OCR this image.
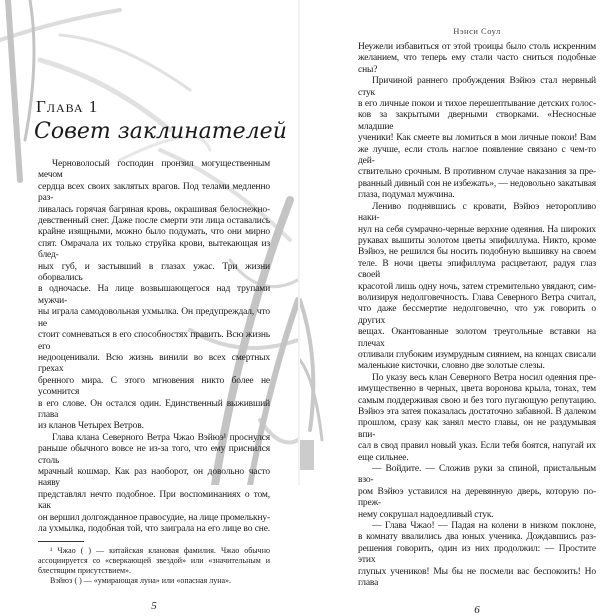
Глава 1
Совет заклинателей
Черноволосый господин пронзил могущественным мечом
сердца всех своих заклятых врагов. Под телами медленно раз-
ливалась горячая багряная кровь, окрашивая белоснежно-
девственный снег. Даже после смерти эти лица оставались
крайне изящными, можно было подумать, что они мирно
спят. Омрачала их только струйка крови, вытекающая из блед-
ных губ, и застывший в глазах ужас. Три жизни оборвались
в одночасье. На лице возвышающегося над трупами мужчи-
ны играла самодовольная ухмылка. Он предупреждал, что не
стоит сомневаться в его способностях править. Всю жизнь его
недооценивали. Всю жизнь винили во всех смертных грехах
бренного мира. С этого мгновения никто более не усомнится
в его слове. Он остался один. Единственный выживший глава
из кланов Четырех Ветров.
Глава клана Северного Ветра Чжао Вэйюэ¹ проснулся
раньше обычного вовсе не из-за того, что ему приснился столь
мрачный кошмар. Как раз наоборот, он довольно часто наяву
представлял нечто подобное. При воспоминаниях о том, как
он вершил долгожданное правосудие, на лице промелькну-
ла ухмылка, подобная той, что заиграла на его лице во сне.
¹ Чжао ( ) — китайская клановая фамилия. Чжао обычно ассоциируется со «сверкающей звездой» или «значительным и блестящим присутствием».
Вэйюэ ( ) — «умирающая луна» или «опасная луна».
5
Нэнси Соул
Неужели избавиться от этой троицы было столь искренним
желанием, что теперь ему стали часто сниться подобные сны?
Причиной раннего пробуждения Вэйюэ стал нервный стук
в его личные покои и тихое перешептывание детских голос-
ков за закрытыми дверными створками. «Несносные младшие
ученики! Как смеете вы ломиться в мои личные покои! Вам
же лучше, если столь наглое появление связано с чем-то дей-
ствительно срочным. В противном случае наказания за пре-
рванный дивный сон не избежать», — недовольно закатывая
глаза, подумал мужчина.
Лениво поднявшись с кровати, Вэйюэ неторопливо наки-
нул на себя сумрачно-черные верхние одеяния. На широких
рукавах вышиты золотом цветы эпифиллума. Никто, кроме
Вэйюэ, не решился бы носить подобную вышивку на своем
теле. В ночи цветы эпифиллума расцветают, радуя глаз своей
красотой лишь одну ночь, затем стремительно увядают, сим-
волизируя недолговечность. Глава Северного Ветра считал,
что даже бессмертие недолговечно, что уж говорить о других
вещах. Окантованные золотом треугольные вставки на плечах
отливали глубоким изумрудным сиянием, на концах свисали
маленькие кисточки, словно две золотые слезы.
По указу весь клан Северного Ветра носил одеяния пре-
имущественно в черных, цвета воронова крыла, тонах, тем
самым поддерживая свою и без того пугающую репутацию.
Вэйюэ эта затея показалась достаточно забавной. В далеком
прошлом, сразу как занял место главы, он не раздумывая впи-
сал в свод правил новый указ. Если тебя боятся, напугай их
еще сильнее.
— Войдите. — Сложив руки за спиной, пристальным взо-
ром Вэйюэ уставился на деревянную дверь, которую по-преж-
нему сокрушал надоедливый стук.
— Глава Чжао! — Падая на колени в низком поклоне,
в комнату ввалились два юных ученика. Дождавшись раз-
решения говорить, один из них продолжил: — Простите этих
глупых учеников! Мы бы не посмели вас беспокоить! Но глава
6
